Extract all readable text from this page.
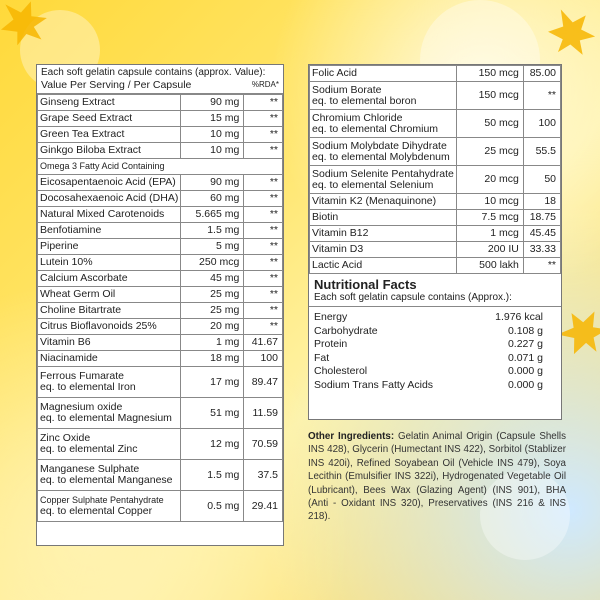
Each soft gelatin capsule contains (approx. Value):
Value Per Serving / Per Capsule	%RDA*
Ginseng Extract	90 mg	**
Grape Seed Extract	15 mg	**
Green Tea Extract	10 mg	**
Ginkgo Biloba Extract	10 mg	**
Omega 3 Fatty Acid Containing		
Eicosapentaenoic Acid (EPA)	90 mg	**
Docosahexaenoic Acid (DHA)	60 mg	**
Natural Mixed Carotenoids	5.665 mg	**
Benfotiamine	1.5 mg	**
Piperine	5 mg	**
Lutein 10%	250 mcg	**
Calcium Ascorbate	45 mg	**
Wheat Germ Oil	25 mg	**
Choline Bitartrate	25 mg	**
Citrus Bioflavonoids 25%	20 mg	**
Vitamin B6	1 mg	41.67
Niacinamide	18 mg	100

Ferrous Fumarate
eq. to elemental Iron	17 mg	89.47

Magnesium oxide
eq. to elemental Magnesium	51 mg	11.59

Zinc Oxide
eq. to elemental Zinc	12 mg	70.59

Manganese Sulphate
eq. to elemental Manganese	1.5 mg	37.5

Copper Sulphate Pentahydrate
eq. to elemental Copper	0.5 mg	29.41
Folic Acid	150 mcg	85.00

Sodium Borate
eq. to elemental boron	150 mcg	**

Chromium Chloride
eq. to elemental Chromium	50 mcg	100

Sodium Molybdate Dihydrate
eq. to elemental Molybdenum	25 mcg	55.5

Sodium Selenite Pentahydrate
eq. to elemental Selenium	20 mcg	50

Vitamin K2 (Menaquinone)	10 mcg	18

Biotin	7.5 mcg	18.75

Vitamin B12	1 mcg	45.45

Vitamin D3	200 IU	33.33

Lactic Acid	500 lakh	**
Nutritional Facts
Each soft gelatin capsule contains (Approx.):
Energy	1.976 kcal
Carbohydrate	0.108 g
Protein	0.227 g
Fat	0.071 g
Cholesterol	0.000 g
Sodium Trans Fatty Acids	0.000 g
Other Ingredients: Gelatin Animal Origin (Capsule Shells INS 428), Glycerin (Humectant INS 422), Sorbitol (Stablizer INS 420i), Refined Soyabean Oil (Vehicle INS 479), Soya Lecithin (Emulsifier INS 322i), Hydrogenated Vegetable Oil (Lubricant), Bees Wax (Glazing Agent) (INS 901), BHA (Anti - Oxidant INS 320), Preservatives (INS 216 & INS 218).
